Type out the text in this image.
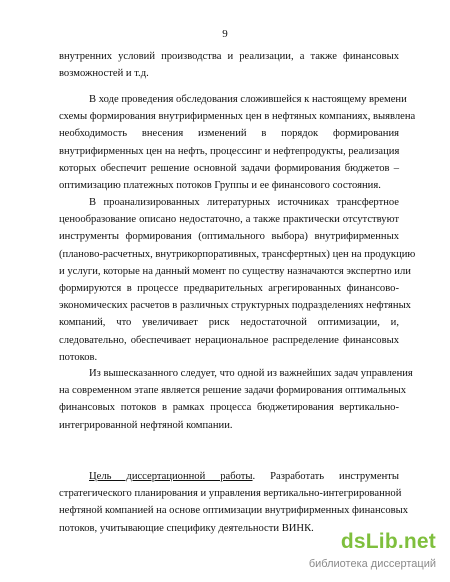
9
внутренних условий производства и реализации, а также финансовых
возможностей и т.д.
В ходе проведения обследования сложившейся к настоящему времени
схемы формирования внутрифирменных цен в нефтяных компаниях, выявлена
необходимость внесения изменений в порядок формирования
внутрифирменных цен на нефть, процессинг и нефтепродукты, реализация
которых обеспечит решение основной задачи формирования бюджетов –
оптимизацию платежных потоков Группы и ее финансового состояния.
В проанализированных литературных источниках трансфертное
ценообразование описано недостаточно, а также практически отсутствуют
инструменты формирования (оптимального выбора) внутрифирменных
(планово-расчетных, внутрикорпоративных, трансфертных) цен на продукцию
и услуги, которые на данный момент по существу назначаются экспертно или
формируются в процессе предварительных агрегированных финансово-
экономических расчетов в различных структурных подразделениях нефтяных
компаний, что увеличивает риск недостаточной оптимизации, и,
следовательно, обеспечивает нерациональное распределение финансовых
потоков.
Из вышесказанного следует, что одной из важнейших задач управления
на современном этапе является решение задачи формирования оптимальных
финансовых потоков в рамках процесса бюджетирования вертикально-
интегрированной нефтяной компании.
Цель диссертационной работы. Разработать инструменты
стратегического планирования и управления вертикально-интегрированной
нефтяной компанией на основе оптимизации внутрифирменных финансовых
потоков, учитывающие специфику деятельности ВИНК.
dsLib.net
библиотека диссертаций
